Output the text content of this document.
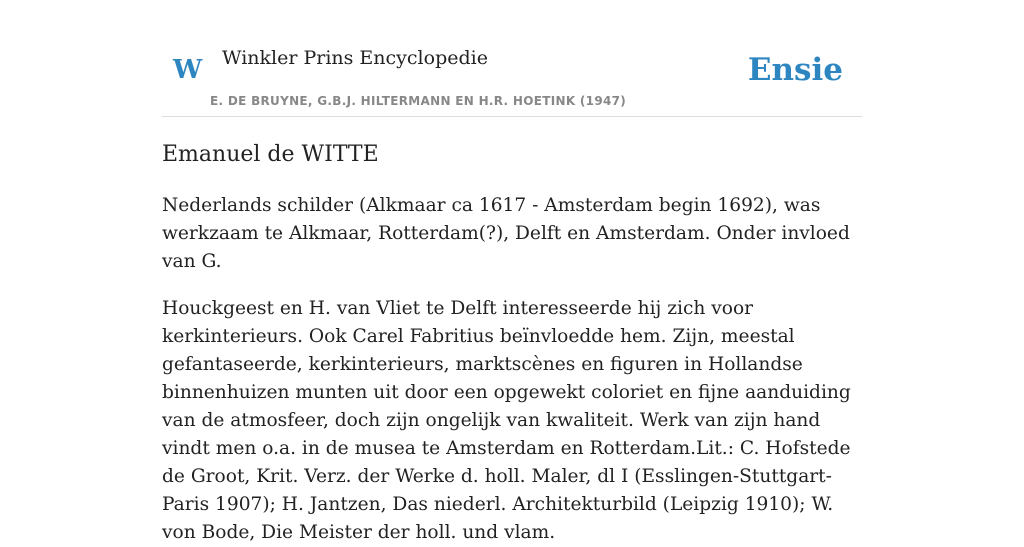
W Winkler Prins Encyclopedie	Ensie
E. DE BRUYNE, G.B.J. HILTERMANN EN H.R. HOETINK (1947)
Emanuel de WITTE

Nederlands schilder (Alkmaar ca 1617 - Amsterdam begin 1692), was werkzaam te Alkmaar, Rotterdam(?), Delft en Amsterdam. Onder invloed van G.

Houckgeest en H. van Vliet te Delft interesseerde hij zich voor kerkinterieurs. Ook Carel Fabritius beïnvloedde hem. Zijn, meestal gefantaseerde, kerkinterieurs, marktscènes en figuren in Hollandse binnenhuizen munten uit door een opgewekt coloriet en fijne aanduiding van de atmosfeer, doch zijn ongelijk van kwaliteit. Werk van zijn hand vindt men o.a. in de musea te Amsterdam en Rotterdam.Lit.: C. Hofstede de Groot, Krit. Verz. der Werke d. holl. Maler, dl I (Esslingen-Stuttgart-Paris 1907); H. Jantzen, Das niederl. Architekturbild (Leipzig 1910); W. von Bode, Die Meister der holl. und vlam.
